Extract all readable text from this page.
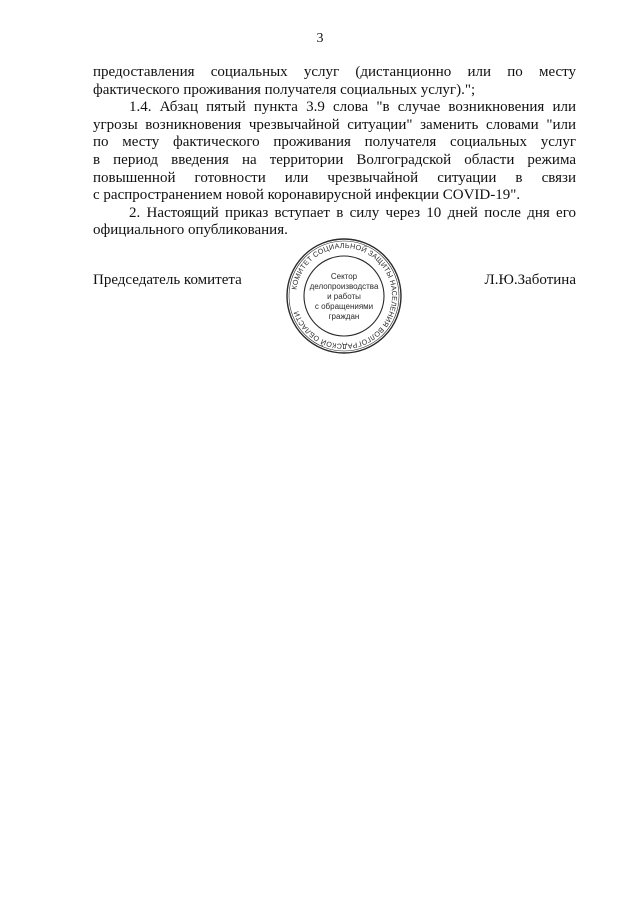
3

предоставления социальных услуг (дистанционно или по месту
фактического проживания получателя социальных услуг).";

1.4. Абзац пятый пункта 3.9 слова "в случае возникновения или
угрозы возникновения чрезвычайной ситуации" заменить словами "или
по месту фактического проживания получателя социальных услуг
в период введения на территории Волгоградской области режима
повышенной готовности или чрезвычайной ситуации в связи
с распространением новой коронавирусной инфекции COVID-19".

2. Настоящий приказ вступает в силу через 10 дней после дня его
официального опубликования.

Председатель комитета	Л.Ю.Заботина
КОМИТЕТ СОЦИАЛЬНОЙ ЗАЩИТЫ НАСЕЛЕНИЯ ВОЛГОГРАДСКОЙ ОБЛАСТИ
Сектор
делопроизводства
и работы
с обращениями
граждан
